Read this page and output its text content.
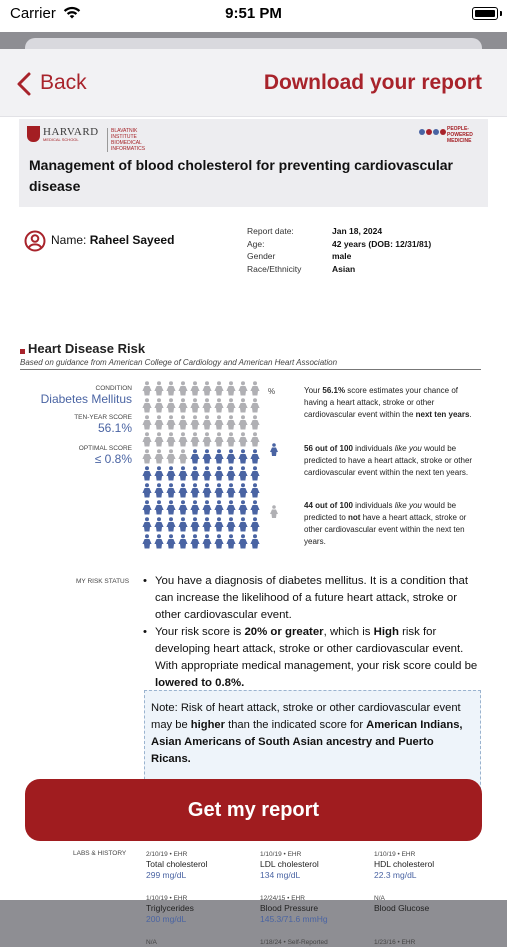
Carrier	9:51 PM
Back	Download your report
HARVARD
MEDICAL SCHOOL
BLAVATNIK INSTITUTE
BIOMEDICAL INFORMATICS
PEOPLE-
POWERED
MEDICINE
Management of blood cholesterol for preventing cardiovascular disease
Name: Raheel Sayeed
Report date:
Age:
Gender
Race/Ethnicity
Jan 18, 2024
42 years (DOB: 12/31/81)
male
Asian
Heart Disease Risk
Based on guidance from American College of Cardiology and American Heart Association
CONDITION
Diabetes Mellitus
TEN-YEAR SCORE
56.1%
OPTIMAL SCORE
≤ 0.8%
%	Your 56.1% score estimates your chance of having a heart attack, stroke or other cardiovascular event within the next ten years.
56 out of 100 individuals like you would be predicted to have a heart attack, stroke or other cardiovascular event within the next ten years.
44 out of 100 individuals like you would be predicted to not have a heart attack, stroke or other cardiovascular event within the next ten years.
MY RISK STATUS
•	You have a diagnosis of diabetes mellitus. It is a condition that can increase the likelihood of a future heart attack, stroke or other cardiovascular event.
• Your risk score is 20% or greater, which is High risk for developing heart attack, stroke or other cardiovascular event. With appropriate medical management, your risk score could be lowered to 0.8%.
Note: Risk of heart attack, stroke or other cardiovascular event may be higher than the indicated score for American Indians, Asian Americans of South Asian ancestry and Puerto Ricans.
Get my report
LABS & HISTORY	2/10/19 • EHR
Total cholesterol
299 mg/dL
1/10/19 • EHR
LDL cholesterol
134 mg/dL
1/10/19 • EHR
HDL cholesterol
22.3 mg/dL
1/10/19 • EHR
Triglycerides
200 mg/dL
12/24/15 • EHR
Blood Pressure
145.3/71.6 mmHg
N/A
Blood Glucose
N/A	1/18/24 • Self-Reported	1/23/16 • EHR
